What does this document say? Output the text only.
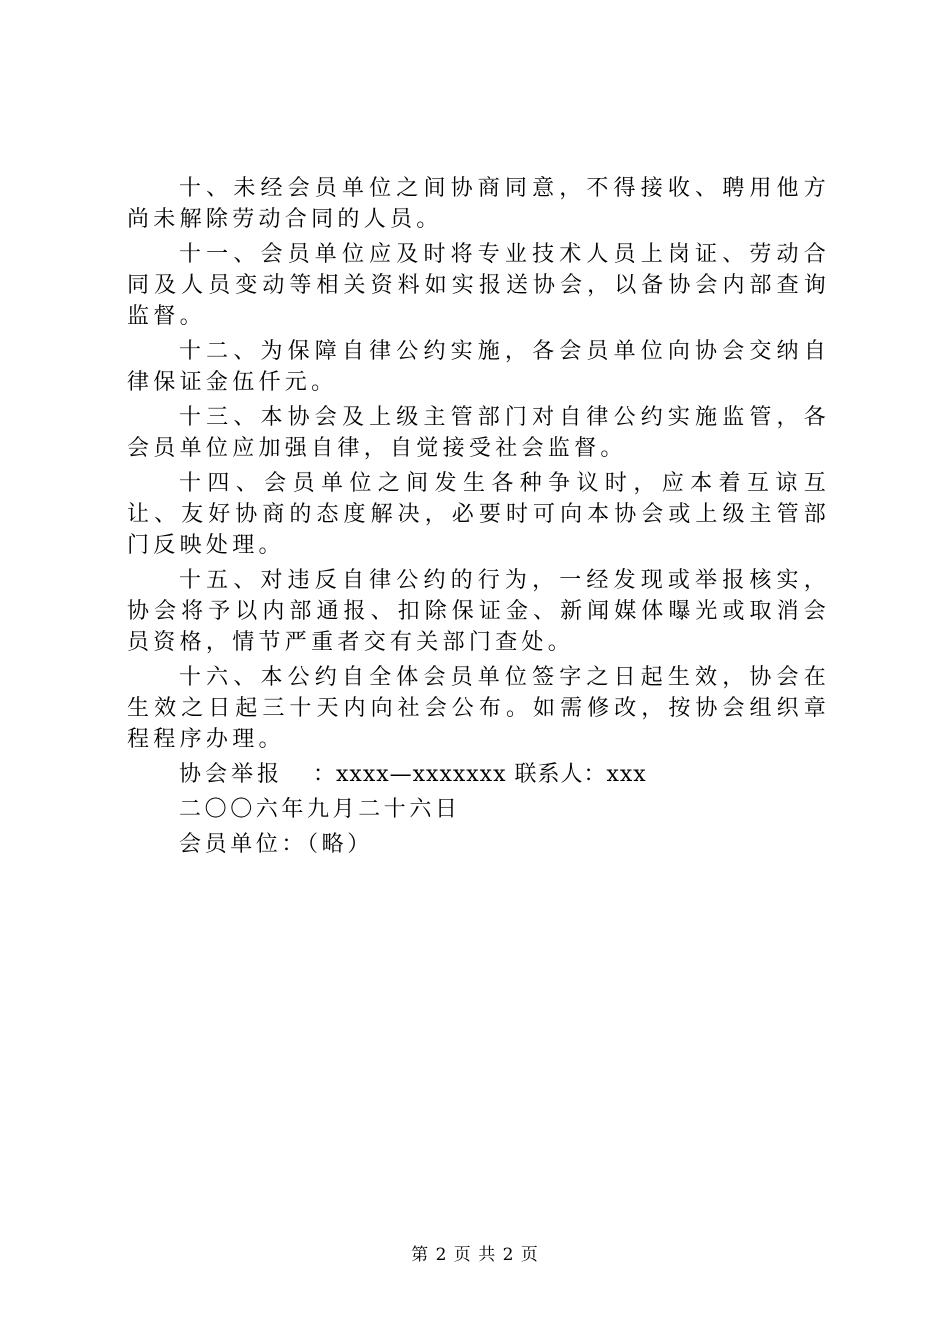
十、未经会员单位之间协商同意，不得接收、聘用他方尚未解除劳动合同的人员。

十一、会员单位应及时将专业技术人员上岗证、劳动合同及人员变动等相关资料如实报送协会，以备协会内部查询监督。

十二、为保障自律公约实施，各会员单位向协会交纳自律保证金伍仟元。

十三、本协会及上级主管部门对自律公约实施监管，各会员单位应加强自律，自觉接受社会监督。

十四、会员单位之间发生各种争议时，应本着互谅互让、友好协商的态度解决，必要时可向本协会或上级主管部门反映处理。

十五、对违反自律公约的行为，一经发现或举报核实，协会将予以内部通报、扣除保证金、新闻媒体曝光或取消会员资格，情节严重者交有关部门查处。

十六、本公约自全体会员单位签字之日起生效，协会在生效之日起三十天内向社会公布。如需修改，按协会组织章程程序办理。

协会举报 ：xxxx—xxxxxxx 联系人：xxx

二〇〇六年九月二十六日

会员单位：（略）

第 2 页 共 2 页
